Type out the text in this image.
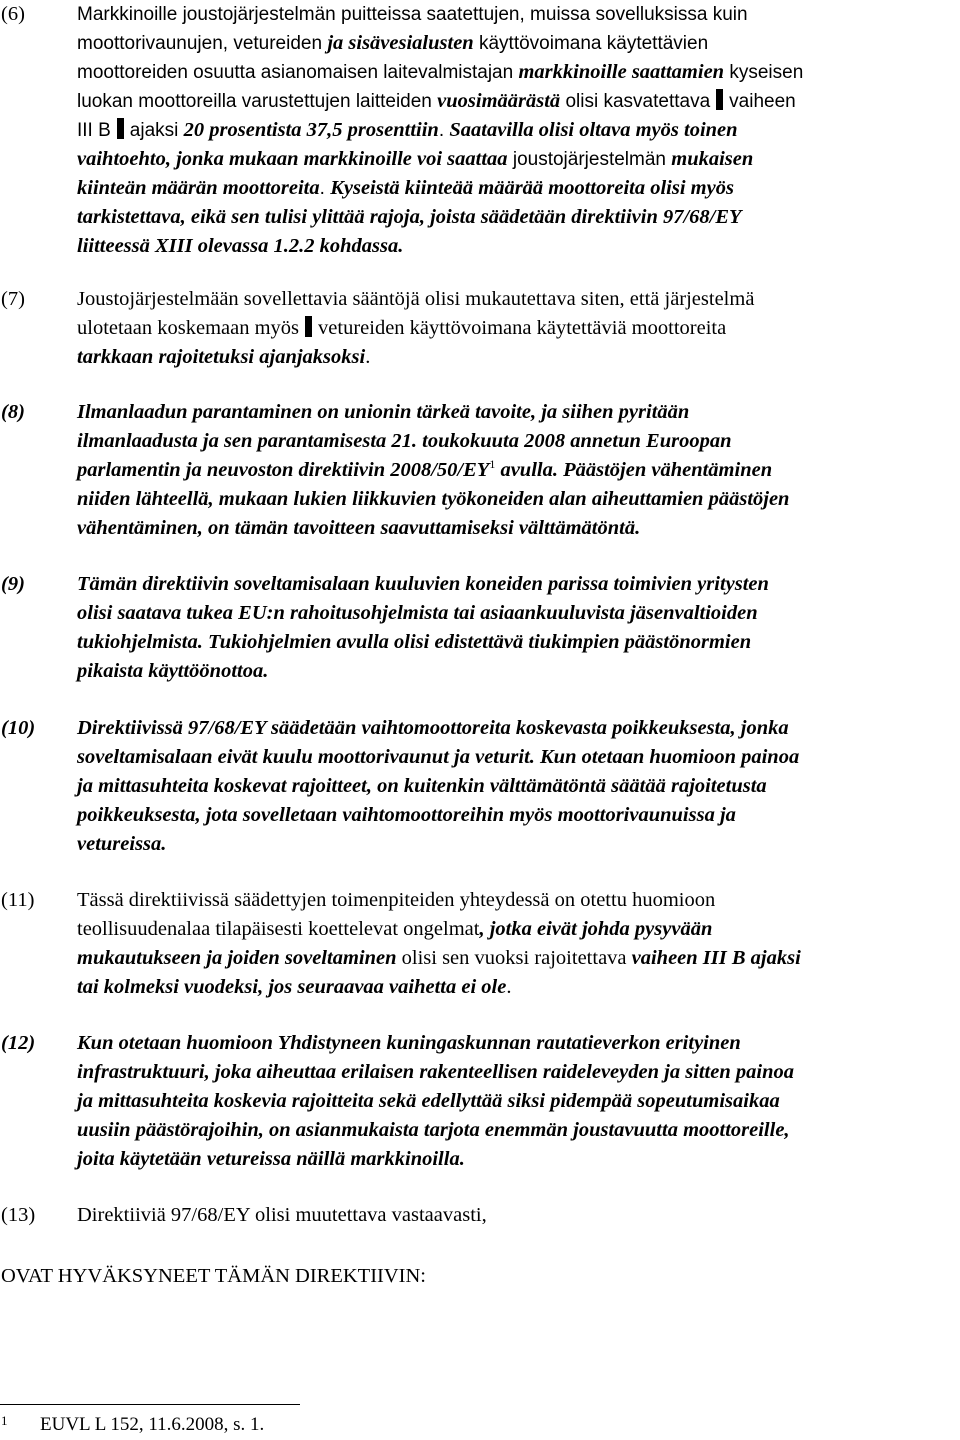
(6)	Markkinoille joustojärjestelmän puitteissa saatettujen, muissa sovelluksissa kuin
moottorivaunujen, vetureiden ja sisävesialusten käyttövoimana käytettävien
moottoreiden osuutta asianomaisen laitevalmistajan markkinoille saattamien kyseisen
luokan moottoreilla varustettujen laitteiden vuosimäärästä olisi kasvatettava vaiheen
III B ajaksi 20 prosentista 37,5 prosenttiin. Saatavilla olisi oltava myös toinen
vaihtoehto, jonka mukaan markkinoille voi saattaa joustojärjestelmän mukaisen
kiinteän määrän moottoreita. Kyseistä kiinteää määrää moottoreita olisi myös
tarkistettava, eikä sen tulisi ylittää rajoja, joista säädetään direktiivin 97/68/EY
liitteessä XIII olevassa 1.2.2 kohdassa.
(7)	Joustojärjestelmään sovellettavia sääntöjä olisi mukautettava siten, että järjestelmä
ulotetaan koskemaan myös vetureiden käyttövoimana käytettäviä moottoreita
tarkkaan rajoitetuksi ajanjaksoksi.
(8)	Ilmanlaadun parantaminen on unionin tärkeä tavoite, ja siihen pyritään
ilmanlaadusta ja sen parantamisesta 21. toukokuuta 2008 annetun Euroopan
parlamentin ja neuvoston direktiivin $2008/50/EY^1$ avulla. Päästöjen vähentäminen
niiden lähteellä, mukaan lukien liikkuvien työkoneiden alan aiheuttamien päästöjen
vähentäminen, on tämän tavoitteen saavuttamiseksi välttämätöntä.
(9)	Tämän direktiivin soveltamisalaan kuuluvien koneiden parissa toimivien yritysten
olisi saatava tukea EU:n rahoitusohjelmista tai asiaankuuluvista jäsenvaltioiden
tukiohjelmista. Tukiohjelmien avulla olisi edistettävä tiukimpien päästönormien
pikaista käyttöönottoa.
(10) Direktiivissä 97/68/EY säädetään vaihtomoottoreita koskevasta poikkeuksesta, jonka
soveltamisalaan eivät kuulu moottorivaunut ja veturit. Kun otetaan huomioon painoa
ja mittasuhteita koskevat rajoitteet, on kuitenkin välttämätöntä säätää rajoitetusta
poikkeuksesta, jota sovelletaan vaihtomoottoreihin myös moottorivaunuissa ja
vetureissa.
(11) Tässä direktiivissä säädettyjen toimenpiteiden yhteydessä on otettu huomioon
teollisuudenalaa tilapäisesti koettelevat ongelmat, jotka eivät johda pysyvään
mukautukseen ja joiden soveltaminen olisi sen vuoksi rajoitettava vaiheen III B ajaksi
tai kolmeksi vuodeksi, jos seuraavaa vaihetta ei ole.
(12) Kun otetaan huomioon Yhdistyneen kuningaskunnan rautatieverkon erityinen
infrastruktuuri, joka aiheuttaa erilaisen rakenteellisen raideleveyden ja sitten painoa
ja mittasuhteita koskevia rajoitteita sekä edellyttää siksi pidempää sopeutumisaikaa
uusiin päästörajoihin, on asianmukaista tarjota enemmän joustavuutta moottoreille,
joita käytetään vetureissa näillä markkinoilla.
(13) Direktiiviä 97/68/EY olisi muutettava vastaavasti,
OVAT HYVÄKSYNEET TÄMÄN DIREKTIIVIN:
1 EUVL L 152, 11.6.2008, s. 1.
